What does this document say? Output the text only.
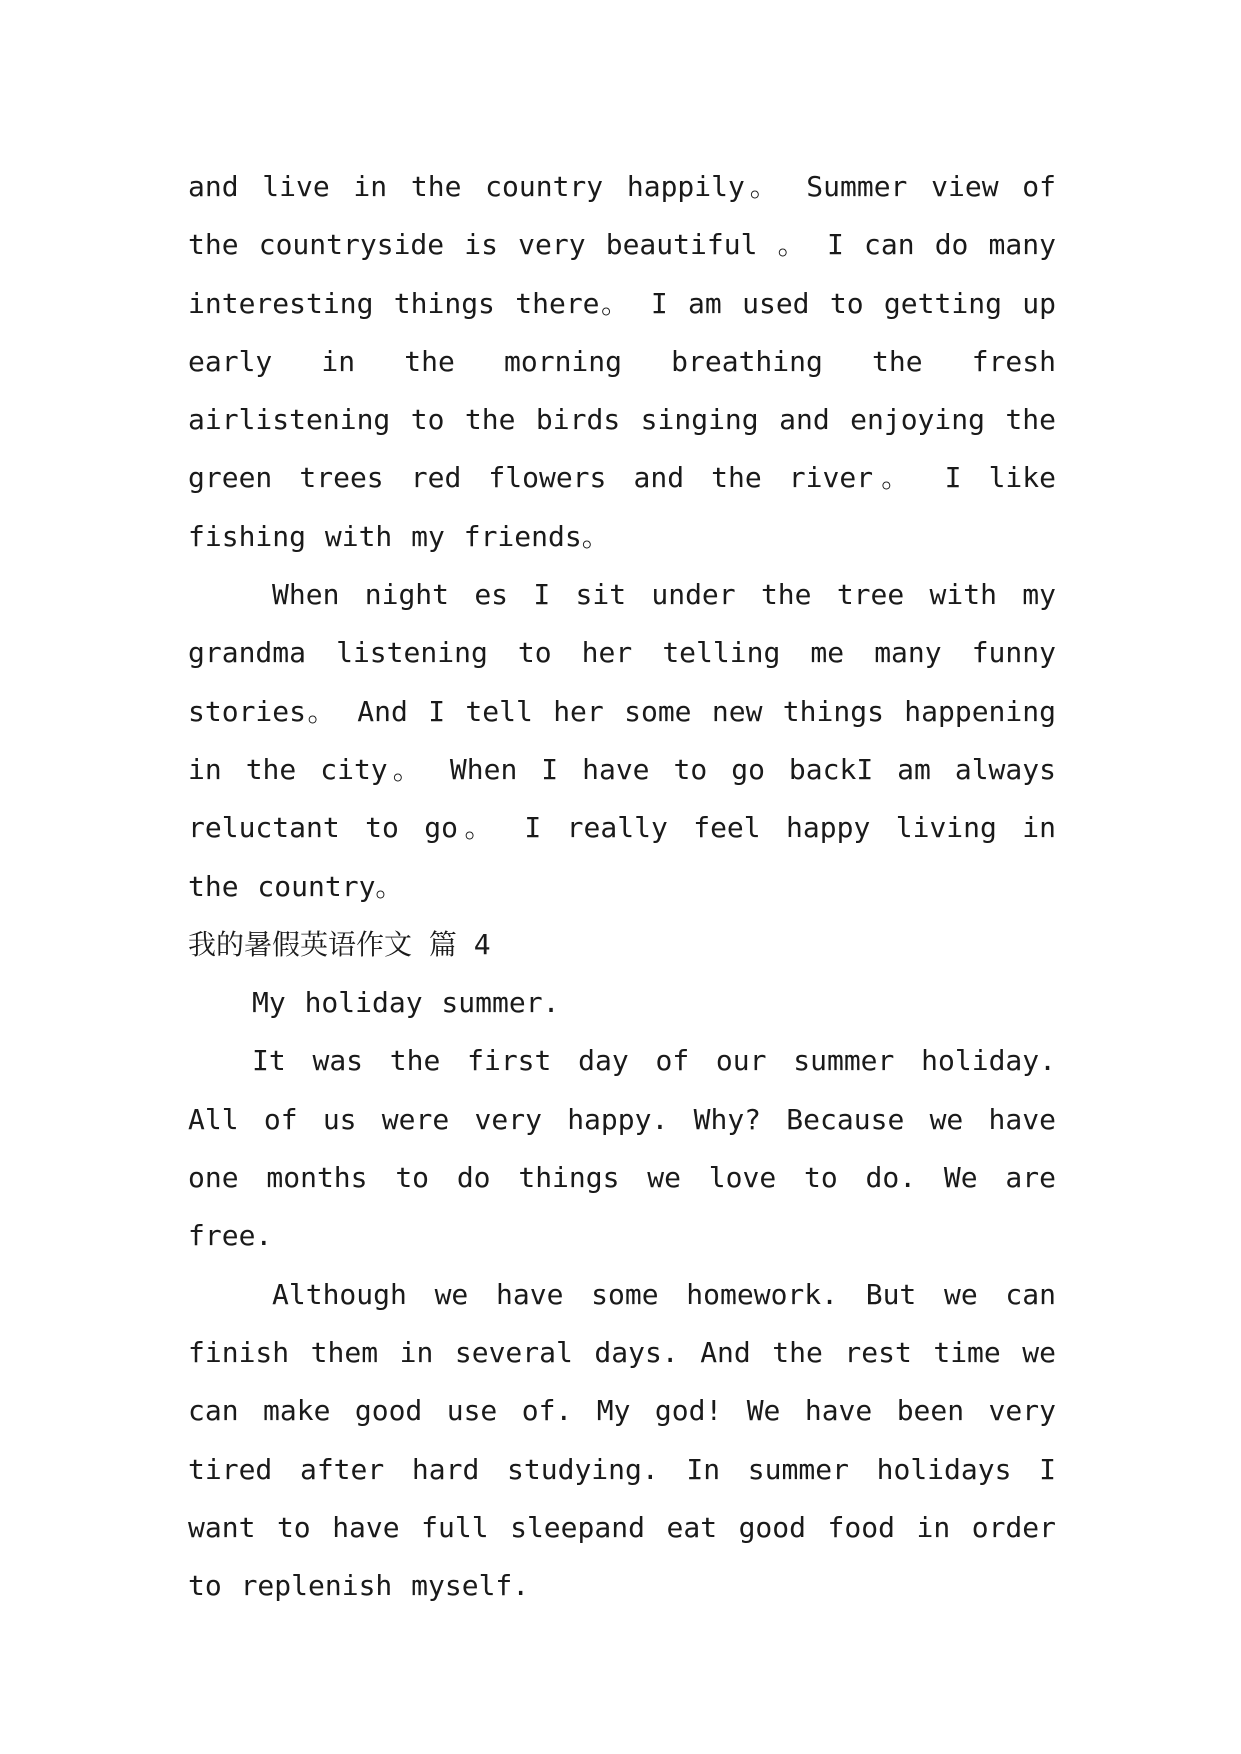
and live in the country happily。 Summer view of the countryside is very beautiful 。 I can do many interesting things there。 I am used to getting up early in the morning breathing the fresh airlistening to the birds singing and enjoying the green trees red flowers and the river。 I like fishing with my friends。

When night es I sit under the tree with my grandma listening to her telling me many funny stories。 And I tell her some new things happening in the city。 When I have to go backI am always reluctant to go。 I really feel happy living in the country。

我的暑假英语作文 篇 4

My holiday summer.

It was the first day of our summer holiday. All of us were very happy. Why? Because we have one months to do things we love to do. We are free.

Although we have some homework. But we can finish them in several days. And the rest time we can make good use of. My god! We have been very tired after hard studying. In summer holidays I want to have full sleepand eat good food in order to replenish myself.
